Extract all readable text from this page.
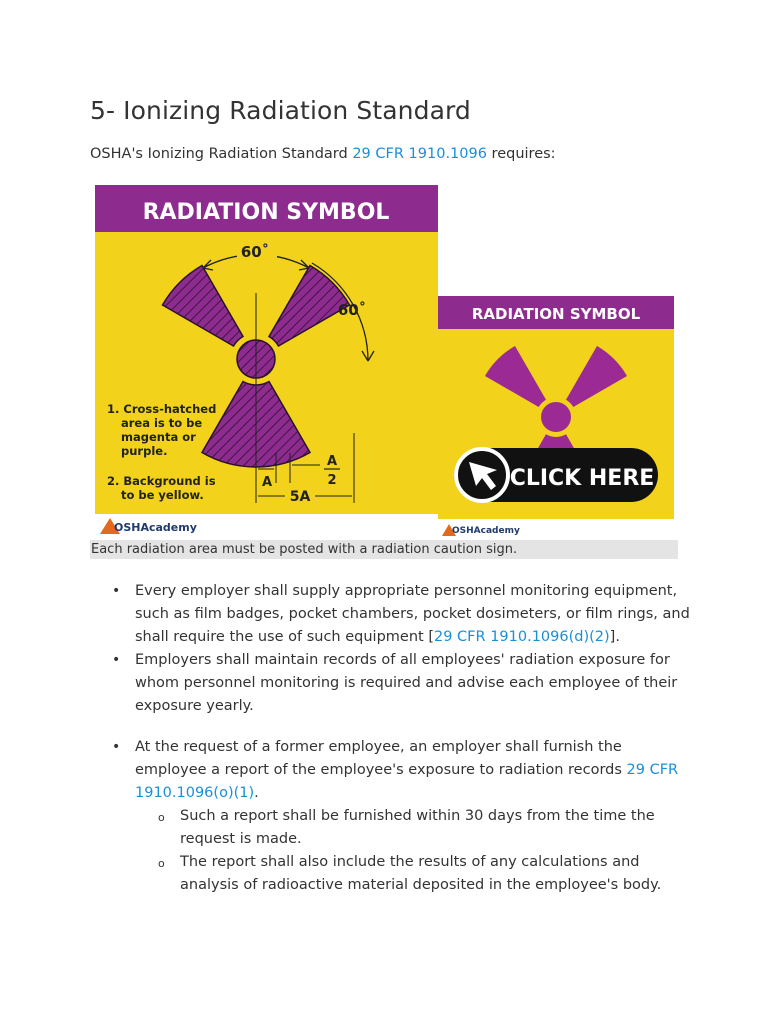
5- Ionizing Radiation Standard

OSHA's Ionizing Radiation Standard 29 CFR 1910.1096 requires:

RADIATION SYMBOL
60˚
60˚
A
A
2
5A
1. Cross-hatched
area is to be
magenta or
purple.
2. Background is
to be yellow.
OSHAcademy
RADIATION SYMBOL
CLICK HERE
OSHAcademy
Each radiation area must be posted with a radiation caution sign.
• Every employer shall supply appropriate personnel monitoring equipment, such as film badges, pocket chambers, pocket dosimeters, or film rings, and shall require the use of such equipment [29 CFR 1910.1096(d)(2)].
• Employers shall maintain records of all employees' radiation exposure for whom personnel monitoring is required and advise each employee of their exposure yearly.
• At the request of a former employee, an employer shall furnish the employee a report of the employee's exposure to radiation records 29 CFR 1910.1096(o)(1).
o Such a report shall be furnished within 30 days from the time the request is made.
o The report shall also include the results of any calculations and analysis of radioactive material deposited in the employee's body.
